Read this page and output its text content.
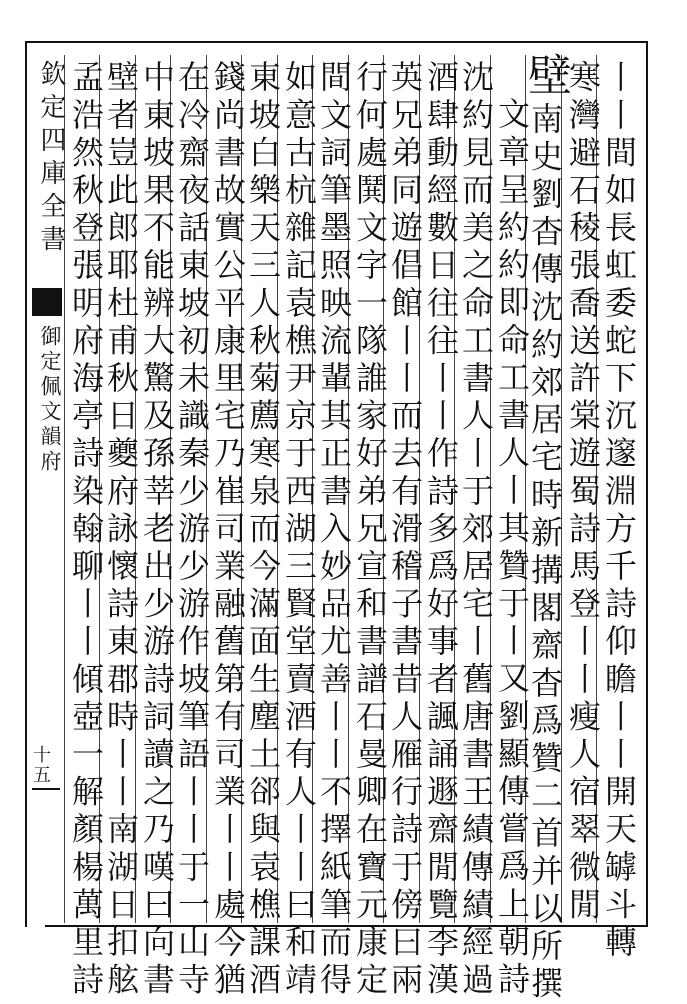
欽定四庫全書
御定佩文韻府
十五	丨丨間如長虹委蛇下沉邃淵方千詩仰瞻丨丨開天罅斗轉
寒灣避石稜張喬送許棠遊蜀詩馬登丨丨瘦人宿翠微閒
壁南史劉杳傳沈約郊居宅時新搆閣齋杳爲贊二首并以所撰
文章呈約約即命工書人丨其贊于丨又劉顯傳嘗爲上朝詩
沈約見而美之命工書人丨于郊居宅丨舊唐書王績傳績經過
酒肆動經數日往往丨丨作詩多爲好事者諷誦遯齋閒覽李漢
英兄弟同遊倡館丨丨而去有滑稽子書昔人雁行詩于傍曰兩
行何處鬨文字一隊誰家好弟兄宣和書譜石曼卿在寶元康定
間文詞筆墨照映流輩其正書入妙品尤善丨丨不擇紙筆而得
如意古杭雜記袁樵尹京于西湖三賢堂賣酒有人丨丨曰和靖
東坡白樂天三人秋菊薦寒泉而今滿面生塵土郤與袁樵課酒
錢尚書故實公平康里宅乃崔司業融舊第有司業丨丨處今猶
在冷齋夜話東坡初未識秦少游少游作坡筆語丨丨于一山寺
中東坡果不能辨大驚及孫莘老出少游詩詞讀之乃嘆曰向書
壁者豈此郎耶杜甫秋日夔府詠懷詩東郡時丨丨南湖日扣舷
孟浩然秋登張明府海亭詩染翰聊丨丨傾壺一解顏楊萬里詩
